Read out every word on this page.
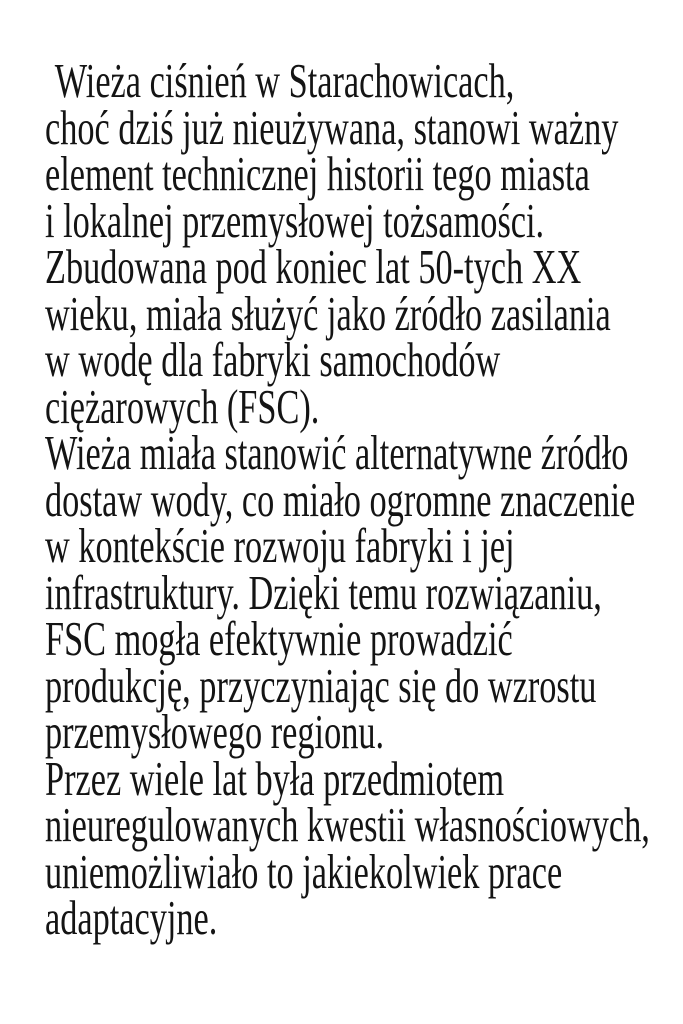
Wieża ciśnień w Starachowicach,
choć dziś już nieużywana, stanowi ważny
element technicznej historii tego miasta
i lokalnej przemysłowej tożsamości.
Zbudowana pod koniec lat 50-tych XX
wieku, miała służyć jako źródło zasilania
w wodę dla fabryki samochodów
ciężarowych (FSC).
Wieża miała stanowić alternatywne źródło
dostaw wody, co miało ogromne znaczenie
w kontekście rozwoju fabryki i jej
infrastruktury. Dzięki temu rozwiązaniu,
FSC mogła efektywnie prowadzić
produkcję, przyczyniając się do wzrostu
przemysłowego regionu.
Przez wiele lat była przedmiotem
nieuregulowanych kwestii własnościowych,
uniemożliwiało to jakiekolwiek prace
adaptacyjne.
